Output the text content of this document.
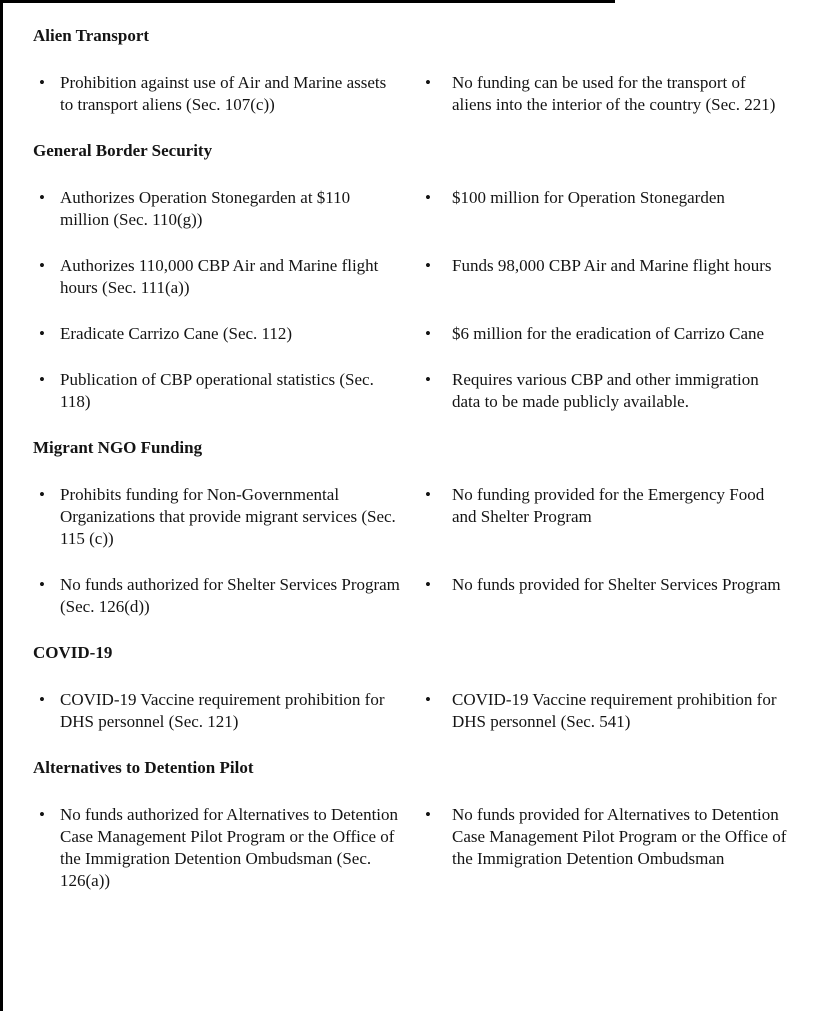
Alien Transport
• Prohibition against use of Air and Marine assets to transport aliens (Sec. 107(c))
•	No funding can be used for the transport of aliens into the interior of the country (Sec. 221)
General Border Security
• Authorizes Operation Stonegarden at $110 million (Sec. 110(g))
•	$100 million for Operation Stonegarden
• Authorizes 110,000 CBP Air and Marine flight hours (Sec. 111(a))
•	Funds 98,000 CBP Air and Marine flight hours
• Eradicate Carrizo Cane (Sec. 112)	•	$6 million for the eradication of Carrizo Cane
• Publication of CBP operational statistics (Sec. 118)
•	Requires various CBP and other immigration data to be made publicly available.
Migrant NGO Funding
• Prohibits funding for Non-Governmental Organizations that provide migrant services (Sec. 115 (c))
•	No funding provided for the Emergency Food and Shelter Program
• No funds authorized for Shelter Services Program (Sec. 126(d))
•	No funds provided for Shelter Services Program
COVID-19
• COVID-19 Vaccine requirement prohibition for DHS personnel (Sec. 121)
•	COVID-19 Vaccine requirement prohibition for DHS personnel (Sec. 541)
Alternatives to Detention Pilot
• No funds authorized for Alternatives to Detention Case Management Pilot Program or the Office of the Immigration Detention Ombudsman (Sec. 126(a))
•	No funds provided for Alternatives to Detention Case Management Pilot Program or the Office of the Immigration Detention Ombudsman
